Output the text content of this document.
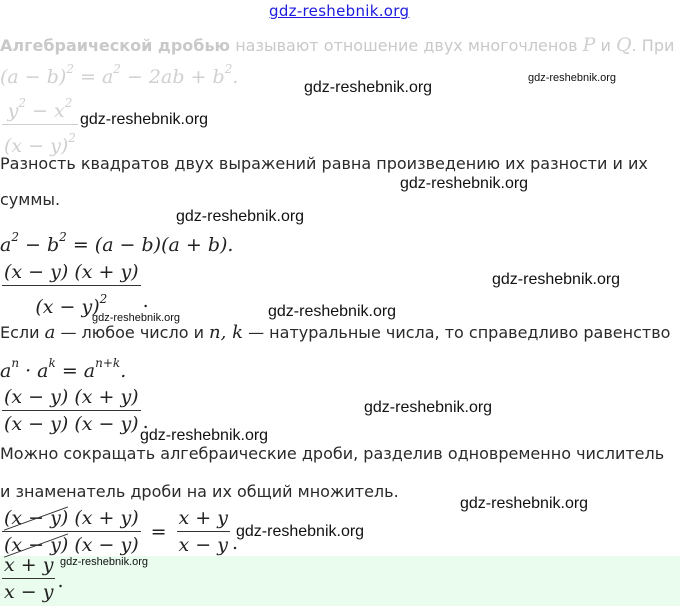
gdz-reshebnik.org
Алгебраической дробью называют отношение двух многочленов P и Q. При
$(a - b)^2 = a^2 - 2ab + b^2$.
$\frac{y^2 - x^2}{(x - y)^2}$
Разность квадратов двух выражений равна произведению их разности и их
суммы.
$a^2 - b^2 = (a - b)(a + b)$.
$\frac{(x - y) (x + y)}{(x - y)^2}$ .
Если a — любое число и n, k — натуральные числа, то справедливо равенство
$a^n \cdot a^k = a^{n+k}$.
$\frac{(x - y) (x + y)}{(x - y) (x - y)}$ .
Можно сокращать алгебраические дроби, разделив одновременно числитель
и знаменатель дроби на их общий множитель.
$\frac{(x - y) (x + y)}{(x - y) (x - y)} = \frac{x + y}{x - y}$ .
$\frac{x + y}{x - y}$ .
gdz-reshebnik.org
gdz-reshebnik.org
gdz-reshebnik.org
gdz-reshebnik.org
gdz-reshebnik.org
gdz-reshebnik.org
gdz-reshebnik.org
gdz-reshebnik.org
gdz-reshebnik.org
gdz-reshebnik.org
gdz-reshebnik.org
gdz-reshebnik.org
gdz-reshebnik.org
